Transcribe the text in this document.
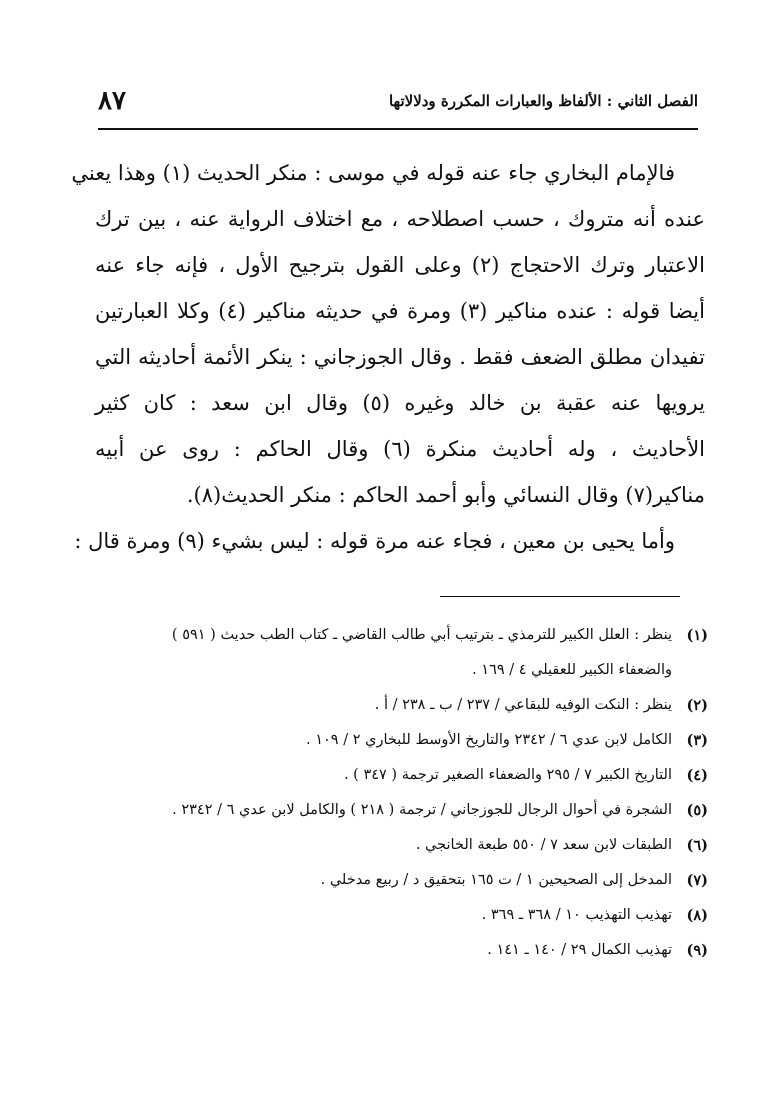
٨٧	الفصل الثاني : الألفاظ والعبارات المكررة ودلالاتها
فالإمام البخاري جاء عنه قوله في موسى : منكر الحديث (١) وهذا يعني
عنده أنه متروك ، حسب اصطلاحه ، مع اختلاف الرواية عنه ، بين ترك
الاعتبار وترك الاحتجاج (٢) وعلى القول بترجيح الأول ، فإنه جاء عنه
أيضا قوله : عنده مناكير (٣) ومرة في حديثه مناكير (٤) وكلا العبارتين
تفيدان مطلق الضعف فقط . وقال الجوزجاني : ينكر الأئمة أحاديثه التي
يرويها عنه عقبة بن خالد وغيره (٥) وقال ابن سعد : كان كثير
الأحاديث ، وله أحاديث منكرة (٦) وقال الحاكم : روى عن أبيه
مناكير(٧) وقال النسائي وأبو أحمد الحاكم : منكر الحديث(٨).
وأما يحيى بن معين ، فجاء عنه مرة قوله : ليس بشيء (٩) ومرة قال :
(١)
ينظر : العلل الكبير للترمذي ـ بترتيب أبي طالب القاضي ـ كتاب الطب حديث ( ٥٩١ )
والضعفاء الكبير للعقيلي ٤ / ١٦٩ .
(٢)
ينظر : النكت الوفيه للبقاعي / ٢٣٧ / ب ـ ٢٣٨ / أ .
(٣)
الكامل لابن عدي ٦ / ٢٣٤٢ والتاريخ الأوسط للبخاري ٢ / ١٠٩ .
(٤)
التاريخ الكبير ٧ / ٢٩٥ والضعفاء الصغير ترجمة ( ٣٤٧ ) .
(٥)
الشجرة في أحوال الرجال للجوزجاني / ترجمة ( ٢١٨ ) والكامل لابن عدي ٦ / ٢٣٤٢ .
(٦)
الطبقات لابن سعد ٧ / ٥٥٠ طبعة الخانجي .
(٧)
المدخل إلى الصحيحين ١ / ت ١٦٥ بتحقيق د / ربيع مدخلي .
(٨)
تهذيب التهذيب ١٠ / ٣٦٨ ـ ٣٦٩ .
(٩)
تهذيب الكمال ٢٩ / ١٤٠ ـ ١٤١ .
